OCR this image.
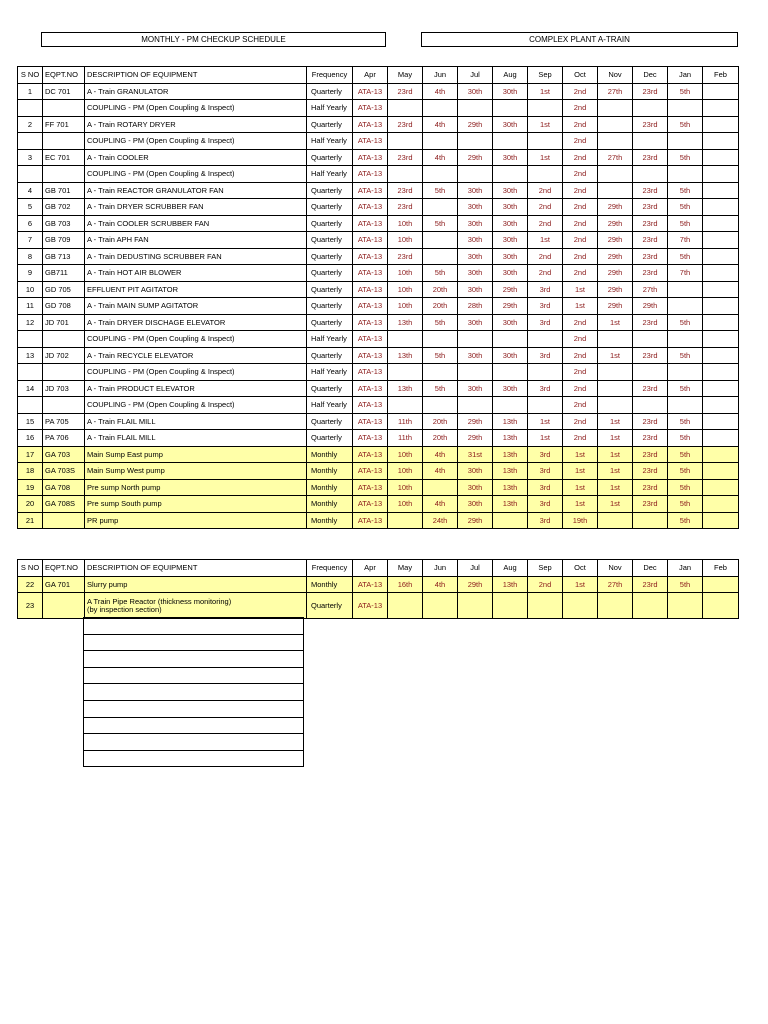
MONTHLY - PM CHECKUP SCHEDULE	COMPLEX PLANT A-TRAIN
S NO	EQPT.NO	DESCRIPTION OF EQUIPMENT	Frequency	Apr	May	Jun	Jul	Aug	Sep	Oct	Nov	Dec	Jan	Feb
1	DC 701	A - Train GRANULATOR	Quarterly	ATA-13	23rd	4th	30th	30th	1st	2nd	27th	23rd	5th	
		COUPLING - PM (Open Coupling & Inspect)	Half Yearly	ATA-13						2nd				
2	FF 701	A - Train ROTARY DRYER	Quarterly	ATA-13	23rd	4th	29th	30th	1st	2nd		23rd	5th	
		COUPLING - PM (Open Coupling & Inspect)	Half Yearly	ATA-13						2nd				
3	EC 701	A - Train COOLER	Quarterly	ATA-13	23rd	4th	29th	30th	1st	2nd	27th	23rd	5th	
		COUPLING - PM (Open Coupling & Inspect)	Half Yearly	ATA-13						2nd				
4	GB 701	A - Train REACTOR GRANULATOR FAN	Quarterly	ATA-13	23rd	5th	30th	30th	2nd	2nd		23rd	5th	
5	GB 702	A - Train DRYER SCRUBBER FAN	Quarterly	ATA-13	23rd		30th	30th	2nd	2nd	29th	23rd	5th	
6	GB 703	A - Train COOLER SCRUBBER FAN	Quarterly	ATA-13	10th	5th	30th	30th	2nd	2nd	29th	23rd	5th	
7	GB 709	A - Train APH FAN	Quarterly	ATA-13	10th		30th	30th	1st	2nd	29th	23rd	7th	
8	GB 713	A - Train DEDUSTING SCRUBBER FAN	Quarterly	ATA-13	23rd		30th	30th	2nd	2nd	29th	23rd	5th	
9	GB711	A - Train HOT AIR BLOWER	Quarterly	ATA-13	10th	5th	30th	30th	2nd	2nd	29th	23rd	7th	
10	GD 705	EFFLUENT PIT AGITATOR	Quarterly	ATA-13	10th	20th	30th	29th	3rd	1st	29th	27th		
11	GD 708	A - Train MAIN SUMP AGITATOR	Quarterly	ATA-13	10th	20th	28th	29th	3rd	1st	29th	29th		
12	JD 701	A - Train DRYER DISCHAGE ELEVATOR	Quarterly	ATA-13	13th	5th	30th	30th	3rd	2nd	1st	23rd	5th	
		COUPLING - PM (Open Coupling & Inspect)	Half Yearly	ATA-13						2nd				
13	JD 702	A - Train RECYCLE ELEVATOR	Quarterly	ATA-13	13th	5th	30th	30th	3rd	2nd	1st	23rd	5th	
		COUPLING - PM (Open Coupling & Inspect)	Half Yearly	ATA-13						2nd				
14	JD 703	A - Train PRODUCT ELEVATOR	Quarterly	ATA-13	13th	5th	30th	30th	3rd	2nd		23rd	5th	
		COUPLING - PM (Open Coupling & Inspect)	Half Yearly	ATA-13						2nd				
15	PA 705	A - Train FLAIL MILL	Quarterly	ATA-13	11th	20th	29th	13th	1st	2nd	1st	23rd	5th	
16	PA 706	A - Train FLAIL MILL	Quarterly	ATA-13	11th	20th	29th	13th	1st	2nd	1st	23rd	5th	
17	GA 703	Main Sump East pump	Monthly	ATA-13	10th	4th	31st	13th	3rd	1st	1st	23rd	5th	
18	GA 703S	Main Sump West pump	Monthly	ATA-13	10th	4th	30th	13th	3rd	1st	1st	23rd	5th	
19	GA 708	Pre sump North pump	Monthly	ATA-13	10th		30th	13th	3rd	1st	1st	23rd	5th	
20	GA 708S	Pre sump South pump	Monthly	ATA-13	10th	4th	30th	13th	3rd	1st	1st	23rd	5th	
21		PR pump	Monthly	ATA-13		24th	29th		3rd	19th			5th	
S NO	EQPT.NO	DESCRIPTION OF EQUIPMENT	Frequency	Apr	May	Jun	Jul	Aug	Sep	Oct	Nov	Dec	Jan	Feb
22	GA 701	Slurry pump	Monthly	ATA-13	16th	4th	29th	13th	2nd	1st	27th	23rd	5th	
23		A Train Pipe Reactor (thickness monitoring)
(by inspection section)	Quarterly	ATA-13										
